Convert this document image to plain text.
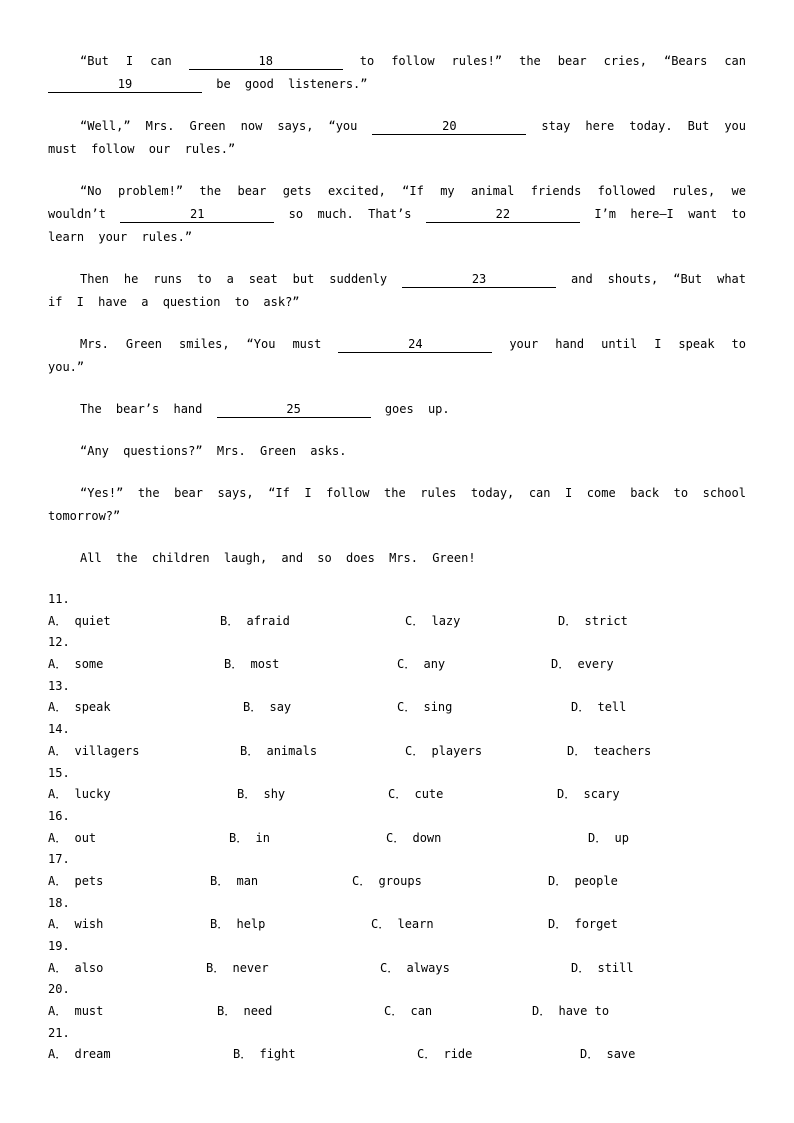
“But I can	18	to follow rules!” the bear cries, “Bears can 19	be good listeners.”

“Well,” Mrs. Green now says, “you	20	stay here today. But you must follow our rules.”

“No problem!” the bear gets excited, “If my animal friends followed rules, we wouldn’t	21	so much. That’s	22	I’m here—I want to learn your rules.”

Then he runs to a seat but suddenly	23	and shouts, “But what if I have a question to ask?”

Mrs. Green smiles, “You must	24	your hand until I speak to you.”

The bear’s hand	25	goes up.

“Any questions?” Mrs. Green asks.

“Yes!” the bear says, “If I follow the rules today, can I come back to school tomorrow?”

All the children laugh, and so does Mrs. Green!

11.
A． quiet	B． afraid	C． lazy	D． strict
12.
A． some	B． most	C． any	D． every
13.
A． speak	B． say	C． sing	D． tell
14.
A． villagers	B． animals	C． players	D． teachers
15.
A． lucky	B． shy	C． cute	D． scary
16.
A． out	B． in	C． down	D． up
17.
A． pets	B． man	C． groups	D． people
18.
A． wish	B． help	C． learn	D． forget
19.
A． also	B． never	C． always	D． still
20.
A． must	B． need	C． can	D． have to
21.
A． dream	B． fight	C． ride	D． save
